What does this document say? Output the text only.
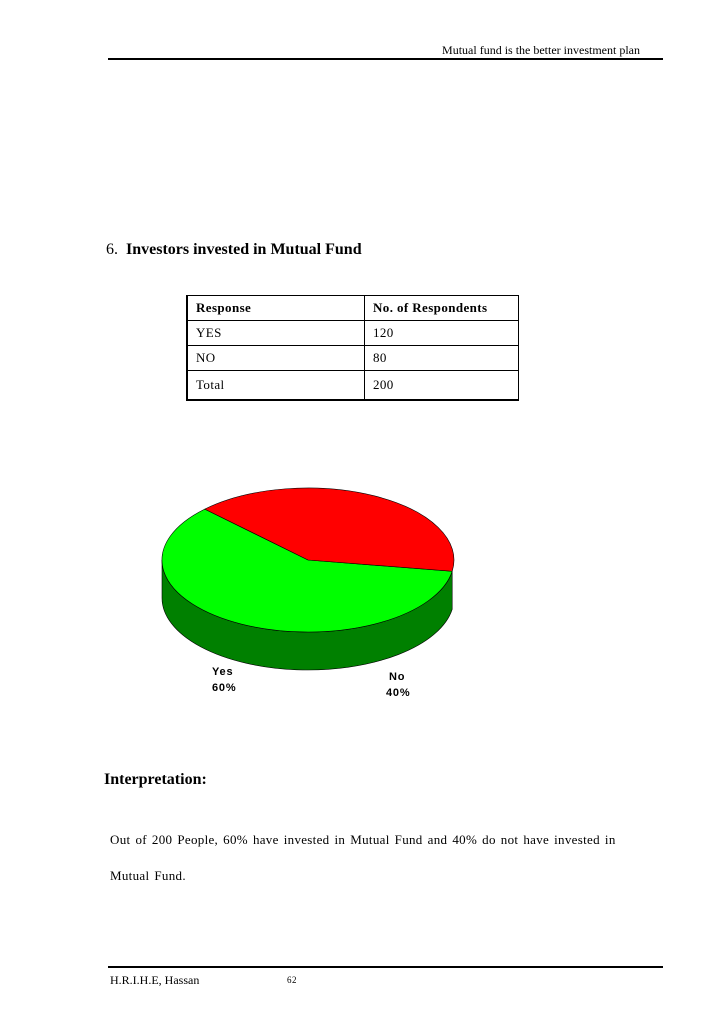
Mutual fund is the better investment plan
6. Investors invested in Mutual Fund
Response	No. of Respondents
YES	120
NO	80
Total	200
Yes
60%
No
40%
Interpretation:
Out of 200 People, 60% have invested in Mutual Fund and 40% do not have invested in Mutual Fund.
H.R.I.H.E, Hassan	62
